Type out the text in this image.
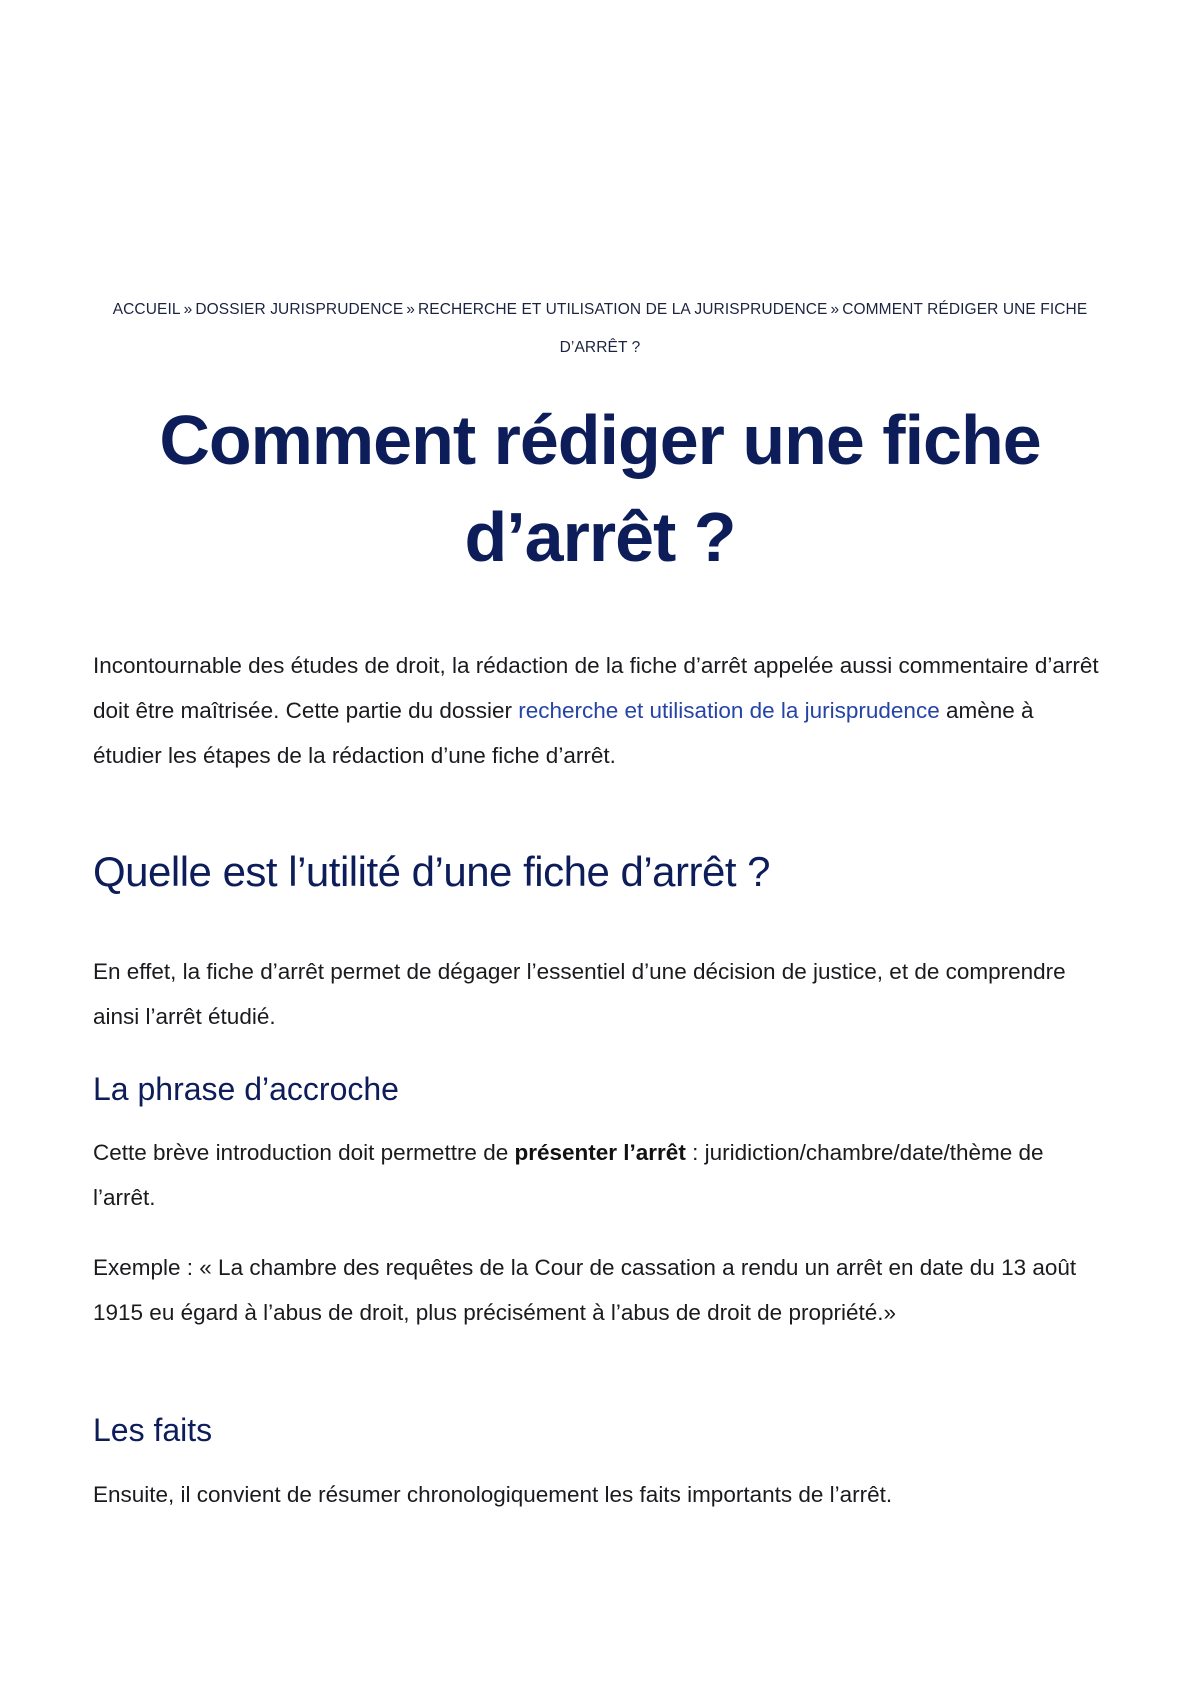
ACCUEIL » DOSSIER JURISPRUDENCE » RECHERCHE ET UTILISATION DE LA JURISPRUDENCE » COMMENT RÉDIGER UNE FICHE D’ARRÊT ?
Comment rédiger une fiche d’arrêt ?

Incontournable des études de droit, la rédaction de la fiche d’arrêt appelée aussi commentaire d’arrêt doit être maîtrisée. Cette partie du dossier recherche et utilisation de la jurisprudence amène à étudier les étapes de la rédaction d’une fiche d’arrêt.

Quelle est l’utilité d’une fiche d’arrêt ?

En effet, la fiche d’arrêt permet de dégager l’essentiel d’une décision de justice, et de comprendre ainsi l’arrêt étudié.

La phrase d’accroche

Cette brève introduction doit permettre de présenter l’arrêt : juridiction/chambre/date/thème de l’arrêt.

Exemple : « La chambre des requêtes de la Cour de cassation a rendu un arrêt en date du 13 août 1915 eu égard à l’abus de droit, plus précisément à l’abus de droit de propriété.»

Les faits

Ensuite, il convient de résumer chronologiquement les faits importants de l’arrêt.
